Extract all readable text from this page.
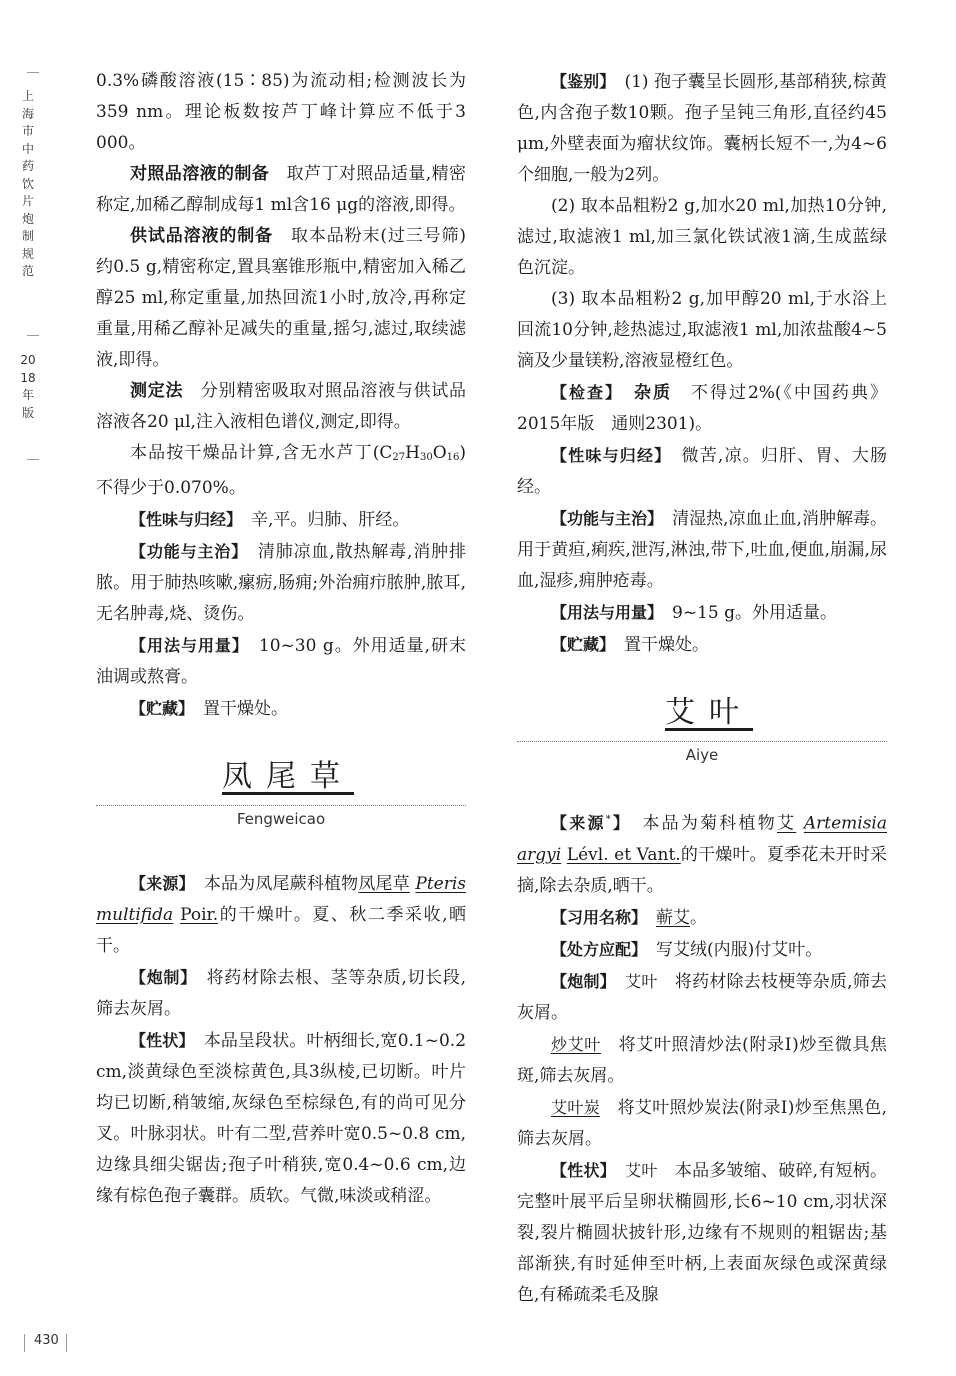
上海市中药饮片炮制规范
2018年版

0.3%磷酸溶液(15∶85)为流动相;检测波长为359 nm。理论板数按芦丁峰计算应不低于3 000。

对照品溶液的制备　 取芦丁对照品适量,精密称定,加稀乙醇制成每1 ml含16 μg的溶液,即得。

供试品溶液的制备　 取本品粉末(过三号筛)约0.5 g,精密称定,置具塞锥形瓶中,精密加入稀乙醇25 ml,称定重量,加热回流1小时,放冷,再称定重量,用稀乙醇补足减失的重量,摇匀,滤过,取续滤液,即得。

测定法　 分别精密吸取对照品溶液与供试品溶液各20 μl,注入液相色谱仪,测定,即得。

本品按干燥品计算,含无水芦丁$(C_{27}H_{30}O_{16})$不得少于0.070%。

【性味与归经】　 辛,平。归肺、肝经。

【功能与主治】　 清肺凉血,散热解毒,消肿排脓。用于肺热咳嗽,瘰疬,肠痈;外治痈疖脓肿,脓耳,无名肿毒,烧、烫伤。

【用法与用量】　 10~30 g。外用适量,研末油调或熬膏。

【贮藏】　 置干燥处。

凤尾草
Fengweicao

【来源】　 本品为凤尾蕨科植物凤尾草 Pteris multifida Poir.的干燥叶。夏、秋二季采收,晒干。

【炮制】　 将药材除去根、茎等杂质,切长段,筛去灰屑。

【性状】　 本品呈段状。叶柄细长,宽0.1~0.2 cm,淡黄绿色至淡棕黄色,具3纵棱,已切断。叶片均已切断,稍皱缩,灰绿色至棕绿色,有的尚可见分叉。叶脉羽状。叶有二型,营养叶宽0.5~0.8 cm,边缘具细尖锯齿;孢子叶稍狭,宽0.4~0.6 cm,边缘有棕色孢子囊群。质软。气微,味淡或稍涩。

【鉴别】　 (1) 孢子囊呈长圆形,基部稍狭,棕黄色,内含孢子数10颗。孢子呈钝三角形,直径约45 μm,外壁表面为瘤状纹饰。囊柄长短不一,为4~6个细胞,一般为2列。

(2) 取本品粗粉2 g,加水20 ml,加热10分钟,滤过,取滤液1 ml,加三氯化铁试液1滴,生成蓝绿色沉淀。

(3) 取本品粗粉2 g,加甲醇20 ml,于水浴上回流10分钟,趁热滤过,取滤液1 ml,加浓盐酸4~5滴及少量镁粉,溶液显橙红色。

【检查】　 杂质　 不得过2%(《中国药典》2015年版　通则2301)。

【性味与归经】　 微苦,凉。归肝、胃、大肠经。

【功能与主治】　 清湿热,凉血止血,消肿解毒。用于黄疸,痢疾,泄泻,淋浊,带下,吐血,便血,崩漏,尿血,湿疹,痈肿疮毒。

【用法与用量】　 9~15 g。外用适量。

【贮藏】　 置干燥处。

艾叶
Aiye

【来源*】　 本品为菊科植物艾 Artemisia argyi Lévl. et Vant.的干燥叶。夏季花未开时采摘,除去杂质,晒干。

【习用名称】　 蕲艾。

【处方应配】　 写艾绒(内服)付艾叶。

【炮制】　 艾叶　 将药材除去枝梗等杂质,筛去灰屑。

炒艾叶　 将艾叶照清炒法(附录Ⅰ)炒至微具焦斑,筛去灰屑。

艾叶炭　 将艾叶照炒炭法(附录Ⅰ)炒至焦黑色,筛去灰屑。

【性状】　 艾叶　 本品多皱缩、破碎,有短柄。完整叶展平后呈卵状椭圆形,长6~10 cm,羽状深裂,裂片椭圆状披针形,边缘有不规则的粗锯齿;基部渐狭,有时延伸至叶柄,上表面灰绿色或深黄绿色,有稀疏柔毛及腺

430
